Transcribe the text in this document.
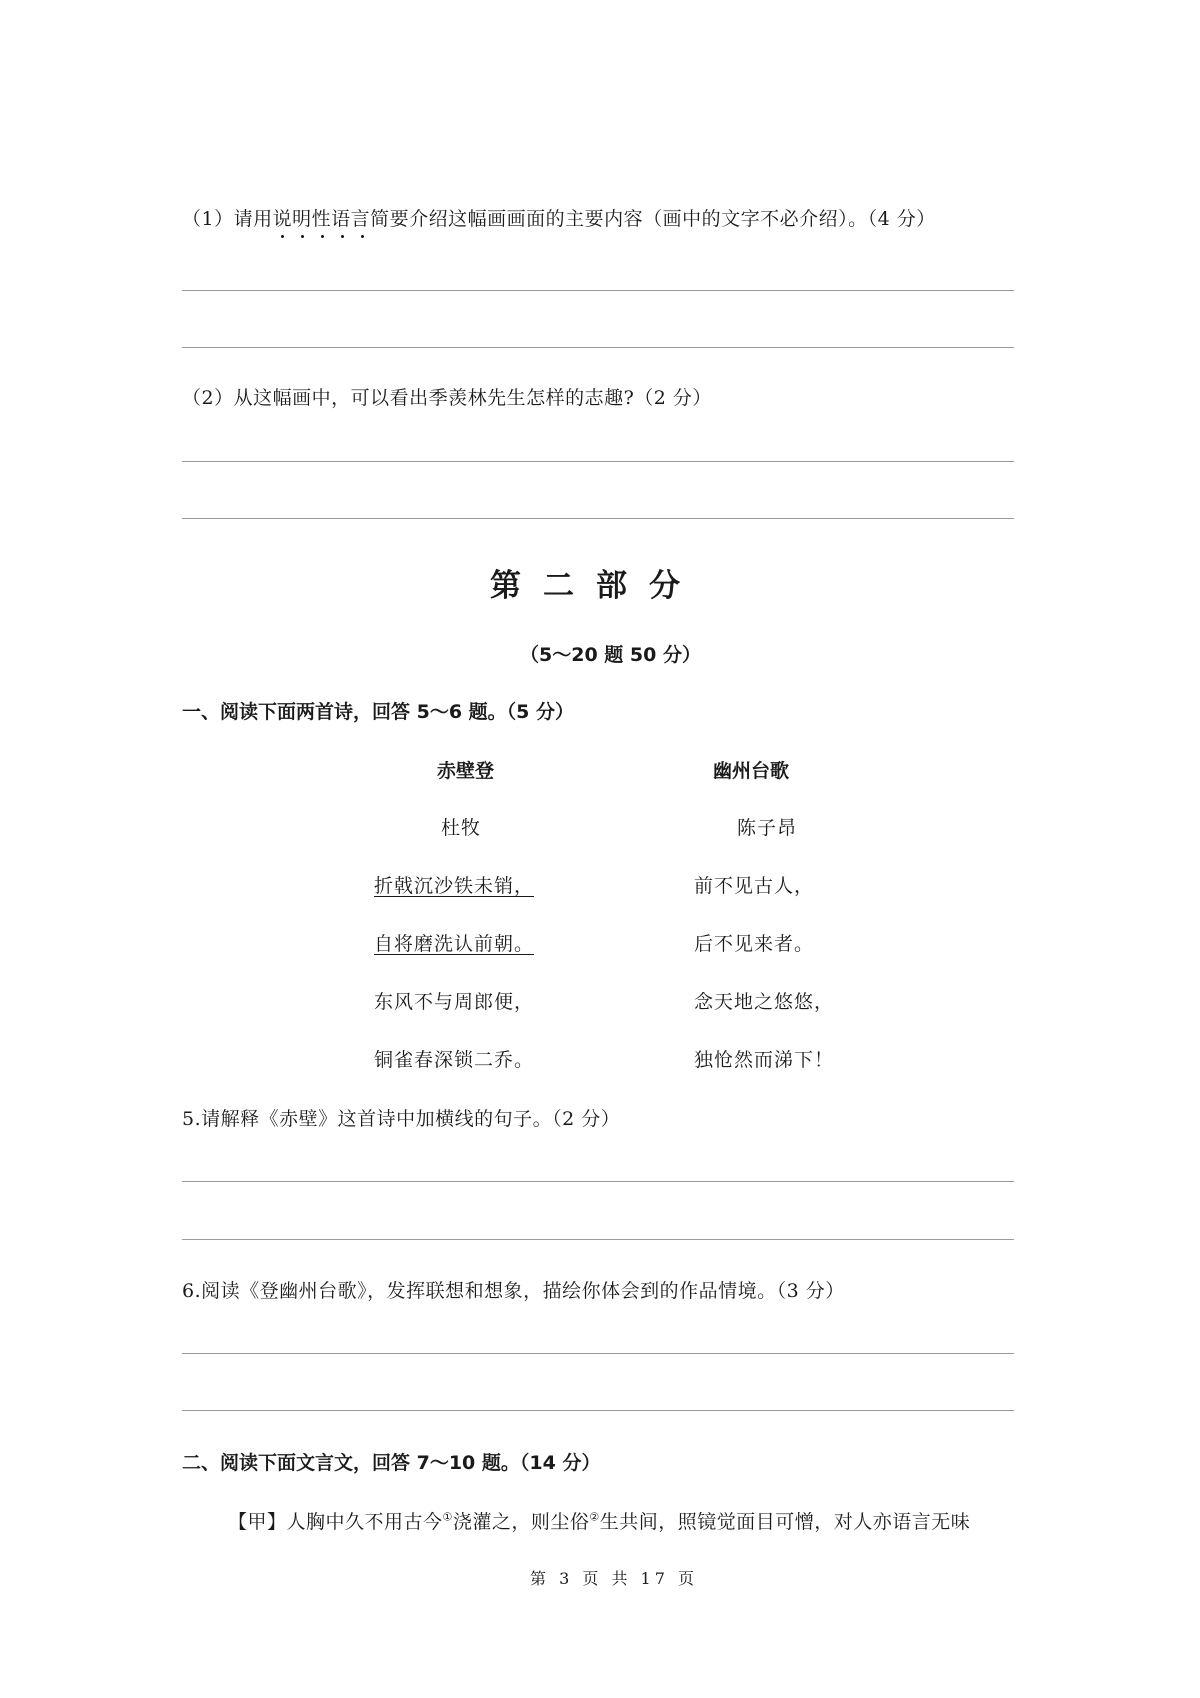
（1）请用说明性语言
简要介绍这幅画画面的主要内容（画中的文字不必介绍）。（4 分）
（2）从这幅画中，可以看出季羡林先生怎样的志趣?（2 分）
第二部分
（5～20 题 50 分）
一、阅读下面两首诗，回答 5～6 题。（5 分）
赤壁登
杜牧
折戟沉沙铁未销，
自将磨洗认前朝。
东风不与周郎便，
铜雀春深锁二乔。
幽州台歌
陈子昂
前不见古人，
后不见来者。
念天地之悠悠，
独怆然而涕下！
5.请解释《赤壁》这首诗中加横线的句子。（2 分）
6.阅读《登幽州台歌》，发挥联想和想象，描绘你体会到的作品情境。（3 分）
二、阅读下面文言文，回答 7～10 题。（14 分）
【甲】人胸中久不用古今①浇灌之，则尘俗②生共间，照镜觉面目可憎，对人亦语言无味
第 3 页 共 17 页
